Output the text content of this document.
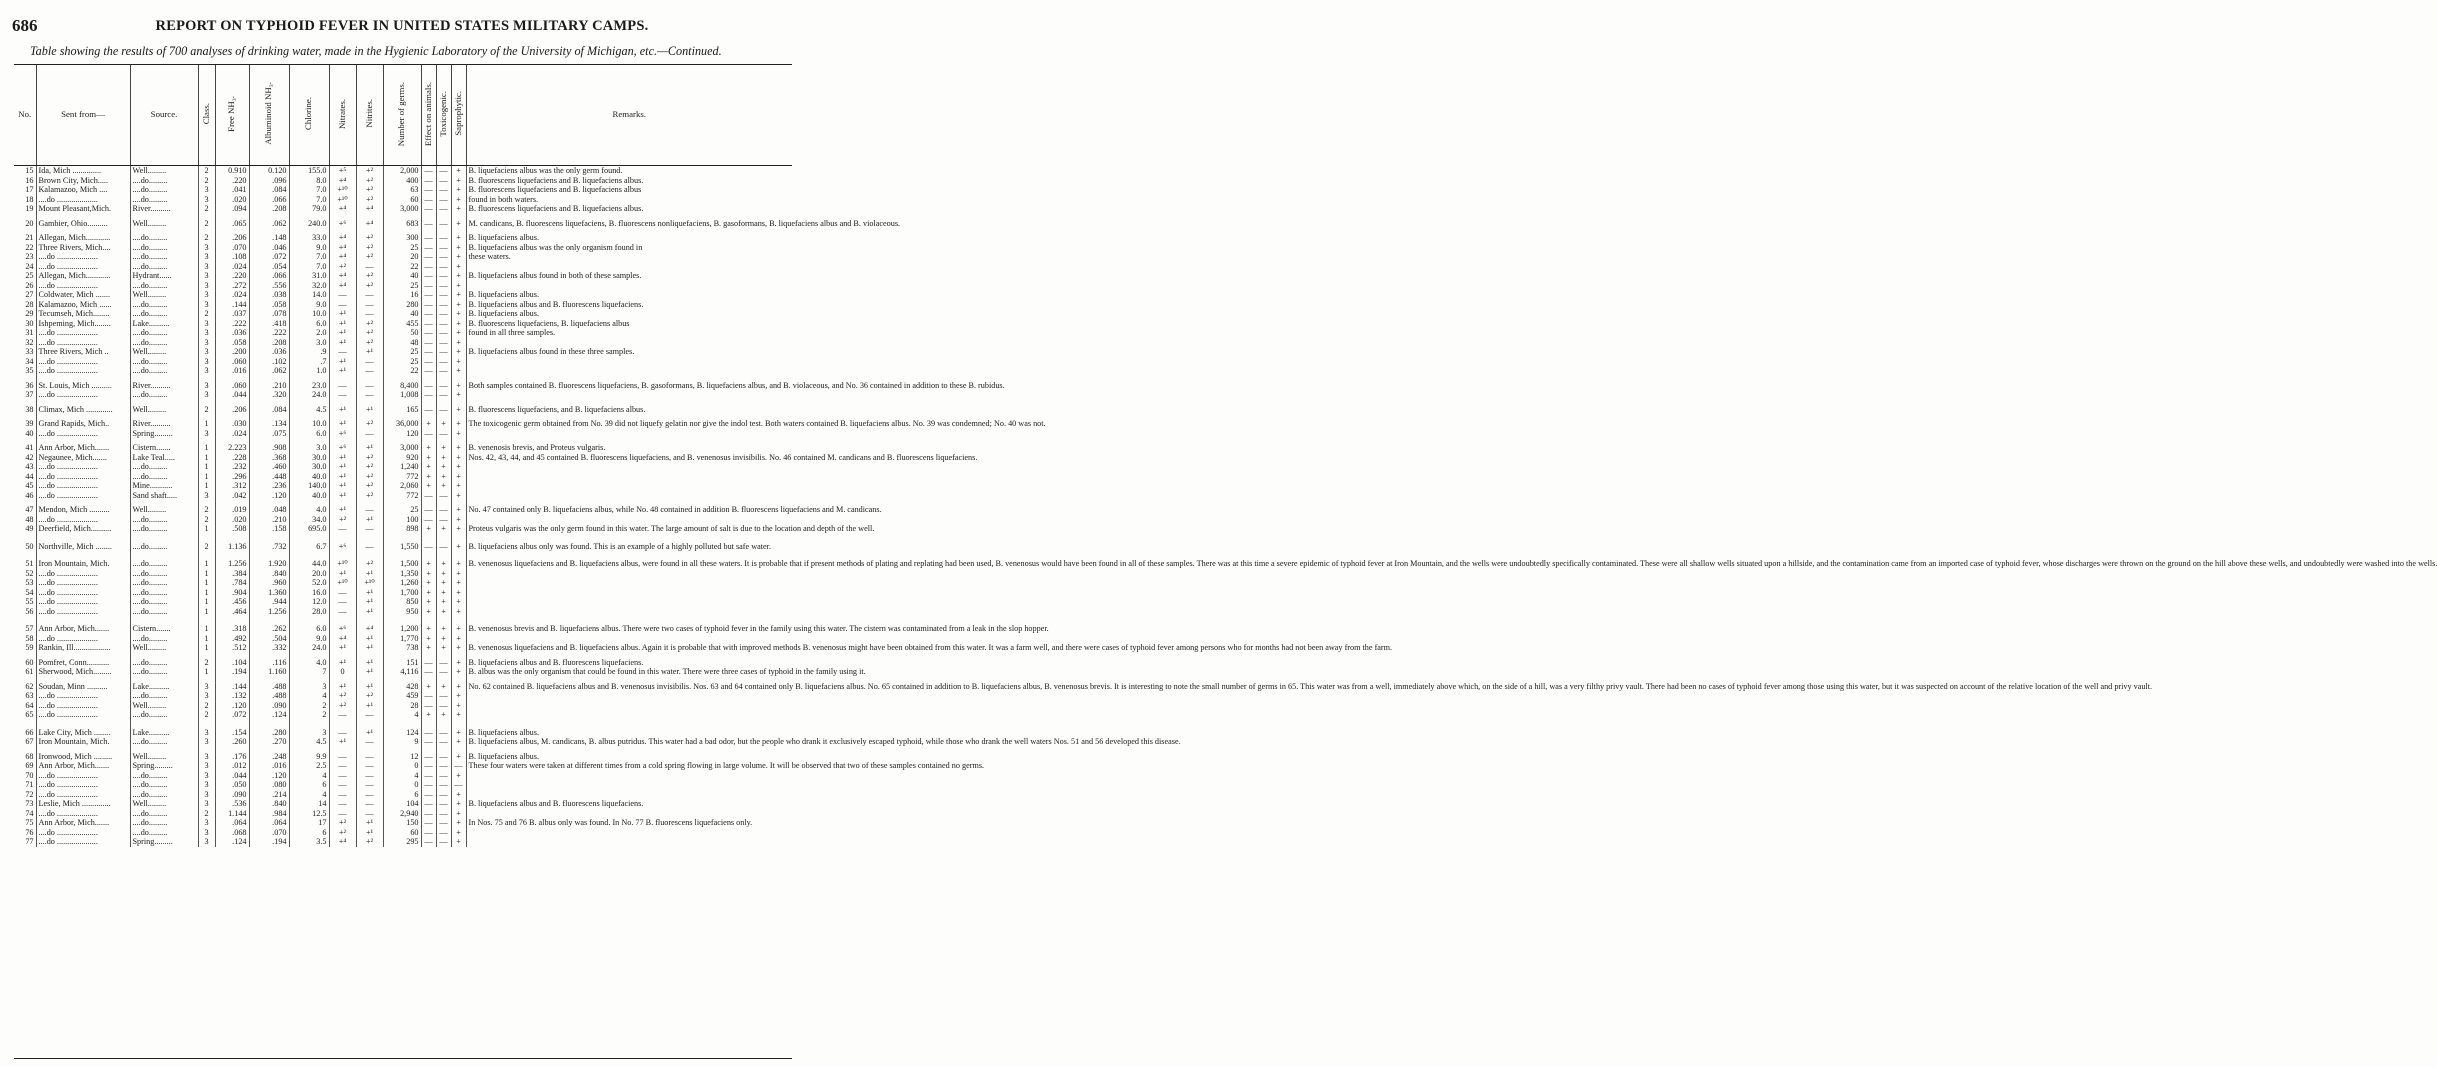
686	REPORT ON TYPHOID FEVER IN UNITED STATES MILITARY CAMPS.
Table showing the results of 700 analyses of drinking water, made in the Hygienic Laboratory of the University of Michigan, etc.—Continued.
No.	Sent from—	Source.	Class.	Free NH₃.	Albuminoid NH₃.	Chlorine.	Nitrates.	Nitrites.	Number of germs.	Effect on animals.	Toxicogenic.	Saprophytic.	Remarks.
15	Ida, Mich ..............	Well.........	2	0.910	0.120	155.0	+⁵	+²	2,000	—	—	+	B. liquefaciens albus was the only germ found.
16	Brown City, Mich.....	....do.........	2	.220	.096	8.0	+⁴	+²	400	—	—	+	B. fluorescens liquefaciens and B. liquefaciens albus.
17	Kalamazoo, Mich ....	....do.........	3	.041	.084	7.0	+¹⁰	+²	63	—	—	+	B. fluorescens liquefaciens and B. liquefaciens albus
18	....do ....................	....do.........	3	.020	.066	7.0	+¹⁰	+²	60	—	—	+	found in both waters.
19	Mount Pleasant,Mich.	River..........	2	.094	.208	79.0	+⁴	+⁴	3,000	—	—	+	B. fluorescens liquefaciens and B. liquefaciens albus.

20	Gambier, Ohio..........	Well.........	2	.065	.062	240.0	+⁶	+⁴	683	—	—	+	M. candicans, B. fluorescens liquefaciens, B. fluorescens nonliquefaciens, B. gasoformans, B. liquefaciens albus and B. violaceous.

21	Allegan, Mich............	....do.........	2	.206	.148	33.0	+⁴	+²	300	—	—	+	B. liquefaciens albus.
22	Three Rivers, Mich....	....do.........	3	.070	.046	9.0	+⁴	+²	25	—	—	+	B. liquefaciens albus was the only organism found in
23	....do ....................	....do.........	3	.108	.072	7.0	+⁴	+²	20	—	—	+	these waters.
24	....do ....................	....do.........	3	.024	.054	7.0	+²	—	22	—	—	+	
25	Allegan, Mich............	Hydrant......	3	.220	.066	31.0	+⁴	+²	40	—	—	+	B. liquefaciens albus found in both of these samples.
26	....do ....................	....do.........	3	.272	.556	32.0	+⁴	+²	25	—	—	+	
27	Coldwater, Mich .......	Well.........	3	.024	.038	14.0	—	—	16	—	—	+	B. liquefaciens albus.
28	Kalamazoo, Mich ......	....do.........	3	.144	.058	9.0	—	—	280	—	—	+	B. liquefaciens albus and B. fluorescens liquefaciens.
29	Tecumseh, Mich........	....do.........	2	.037	.078	10.0	+¹	—	40	—	—	+	B. liquefaciens albus.
30	Ishpeming, Mich........	Lake..........	3	.222	.418	6.0	+¹	+²	455	—	—	+	B. fluorescens liquefaciens, B. liquefaciens albus
31	....do ....................	....do.........	3	.036	.222	2.0	+¹	+²	50	—	—	+	found in all three samples.
32	....do ....................	....do.........	3	.058	.208	3.0	+¹	+²	48	—	—	+	
33	Three Rivers, Mich ..	Well.........	3	.200	.036	.9	—	+¹	25	—	—	+	B. liquefaciens albus found in these three samples.
34	....do ....................	....do.........	3	.060	.102	.7	+¹	—	25	—	—	+	
35	....do ....................	....do.........	3	.016	.062	1.0	+¹	—	22	—	—	+	

36	St. Louis, Mich ..........	River..........	3	.060	.210	23.0	—	—	8,400	—	—	+	Both samples contained B. fluorescens liquefaciens, B. gasoformans, B. liquefaciens albus, and B. violaceous, and No. 36 contained in addition to these B. rubidus.
37	....do ....................	....do.........	3	.044	.320	24.0	—	—	1,008	—	—	+	

38	Climax, Mich .............	Well.........	2	.206	.084	4.5	+¹	+¹	165	—	—	+	B. fluorescens liquefaciens, and B. liquefaciens albus.

39	Grand Rapids, Mich..	River..........	1	.030	.134	10.0	+¹	+²	36,000	+	+	+	The toxicogenic germ obtained from No. 39 did not liquefy gelatin nor give the indol test. Both waters contained B. liquefaciens albus. No. 39 was condemned; No. 40 was not.
40	....do ....................	Spring.........	3	.024	.075	6.0	+⁶	—	120	—	—	+	

41	Ann Arbor, Mich.......	Cistern.......	1	2.223	.908	3.0	+⁶	+¹	3,000	+	+	+	B. venenosis brevis, and Proteus vulgaris.
42	Negaunee, Mich.......	Lake Teal.....	1	.228	.368	30.0	+¹	+²	920	+	+	+	Nos. 42, 43, 44, and 45 contained B. fluorescens liquefaciens, and B. venenosus invisibilis. No. 46 contained M. candicans and B. fluorescens liquefaciens.
43	....do ....................	....do.........	1	.232	.460	30.0	+¹	+²	1,240	+	+	+	
44	....do ....................	....do.........	1	.296	.448	40.0	+¹	+²	772	+	+	+	
45	....do ....................	Mine...........	1	.312	.236	140.0	+¹	+²	2,060	+	+	+	
46	....do ....................	Sand shaft.....	3	.042	.120	40.0	+¹	+²	772	—	—	+	

47	Mendon, Mich ..........	Well.........	2	.019	.048	4.0	+¹	—	25	—	—	+	No. 47 contained only B. liquefaciens albus, while No. 48 contained in addition B. fluorescens liquefaciens and M. candicans.
48	....do ....................	....do.........	2	.020	.210	34.0	+²	+¹	100	—	—	+	
49	Deerfield, Mich..........	....do.........	1	.508	.158	695.0	—	—	898	+	+	+	Proteus vulgaris was the only germ found in this water. The large amount of salt is due to the location and depth of the well.

50	Northville, Mich ........	....do.........	2	1.136	.732	6.7	+⁶	—	1,550	—	—	+	B. liquefaciens albus only was found. This is an example of a highly polluted but safe water.

51	Iron Mountain, Mich.	....do.........	1	1.256	1.920	44.0	+¹⁰	+²	1,500	+	+	+	B. venenosus liquefaciens and B. liquefaciens albus, were found in all these waters. It is probable that if present methods of plating and replating had been used, B. venenosus would have been found in all of these samples. There was at this time a severe epidemic of typhoid fever at Iron Mountain, and the wells were undoubtedly specifically contaminated. These were all shallow wells situated upon a hillside, and the contamination came from an imported case of typhoid fever, whose discharges were thrown on the ground on the hill above these wells, and undoubtedly were washed into the wells.
52	....do ....................	....do.........	1	.384	.840	20.0	+¹	+¹	1,350	+	+	+	
53	....do ....................	....do.........	1	.784	.960	52.0	+¹⁰	+¹⁰	1,260	+	+	+	
54	....do ....................	....do.........	1	.904	1.360	16.0	—	+¹	1,700	+	+	+	
55	....do ....................	....do.........	1	.456	.944	12.0	—	+¹	850	+	+	+	
56	....do ....................	....do.........	1	.464	1.256	28.0	—	+¹	950	+	+	+	

57	Ann Arbor, Mich.......	Cistern.......	1	.318	.262	6.0	+⁶	+⁴	1,200	+	+	+	B. venenosus brevis and B. liquefaciens albus. There were two cases of typhoid fever in the family using this water. The cistern was contaminated from a leak in the slop hopper.
58	....do ....................	....do.........	1	.492	.504	9.0	+⁴	+¹	1,770	+	+	+	
59	Rankin, Ill..................	Well.........	1	.512	.332	24.0	+¹	+¹	738	+	+	+	B. venenosus liquefaciens and B. liquefaciens albus. Again it is probable that with improved methods B. venenosus might have been obtained from this water. It was a farm well, and there were cases of typhoid fever among persons who for months had not been away from the farm.

60	Pomfret, Conn...........	....do.........	2	.104	.116	4.0	+¹	+¹	151	—	—	+	B. liquefaciens albus and B. fluorescens liquefaciens.
61	Sherwood, Mich.........	....do.........	1	.194	1.160	7	0	+¹	4,116	—	—	+	B. albus was the only organism that could be found in this water. There were three cases of typhoid in the family using it.

62	Soudan, Minn ..........	Lake..........	3	.144	.488	3	+¹	+¹	428	+	+	+	No. 62 contained B. liquefaciens albus and B. venenosus invisibilis. Nos. 63 and 64 contained only B. liquefaciens albus. No. 65 contained in addition to B. liquefaciens albus, B. venenosus brevis. It is interesting to note the small number of germs in 65. This water was from a well, immediately above which, on the side of a hill, was a very filthy privy vault. There had been no cases of typhoid fever among those using this water, but it was suspected on account of the relative location of the well and privy vault.
63	....do ....................	....do.........	3	.132	.488	4	+²	+²	459	—	—	+	
64	....do ....................	Well.........	2	.120	.090	2	+²	+¹	28	—	—	+	
65	....do ....................	....do.........	2	.072	.124	2	—	—	4	+	+	+	

66	Lake City, Mich ........	Lake..........	3	.154	.280	3	—	+¹	124	—	—	+	B. liquefaciens albus.
67	Iron Mountain, Mich.	....do.........	3	.260	.270	4.5	+¹	—	9	—	—	+	B. liquefaciens albus, M. candicans, B. albus putridus. This water had a bad odor, but the people who drank it exclusively escaped typhoid, while those who drank the well waters Nos. 51 and 56 developed this disease.

68	Ironwood, Mich .........	Well.........	3	.176	.248	9.9	—	—	12	—	—	+	B. liquefaciens albus.
69	Ann Arbor, Mich.......	Spring.........	3	.012	.016	2.5	—	—	0	—	—	—	These four waters were taken at different times from a cold spring flowing in large volume. It will be observed that two of these samples contained no germs.
70	....do ....................	....do.........	3	.044	.120	4	—	—	4	—	—	+	
71	....do ....................	....do.........	3	.050	.080	6	—	—	0	—	—	—	
72	....do ....................	....do.........	3	.090	.214	4	—	—	6	—	—	+	
73	Leslie, Mich ..............	Well.........	3	.536	.840	14	—	—	104	—	—	+	B. liquefaciens albus and B. fluorescens liquefaciens.
74	....do ....................	....do.........	2	1.144	.984	12.5	—	—	2,940	—	—	+	
75	Ann Arbor, Mich.......	....do.........	3	.064	.064	17	+²	+¹	150	—	—	+	In Nos. 75 and 76 B. albus only was found. In No. 77 B. fluorescens liquefaciens only.
76	....do ....................	....do.........	3	.068	.070	6	+²	+¹	60	—	—	+	
77	....do ....................	Spring.........	3	.124	.194	3.5	+⁴	+²	295	—	—	+	
